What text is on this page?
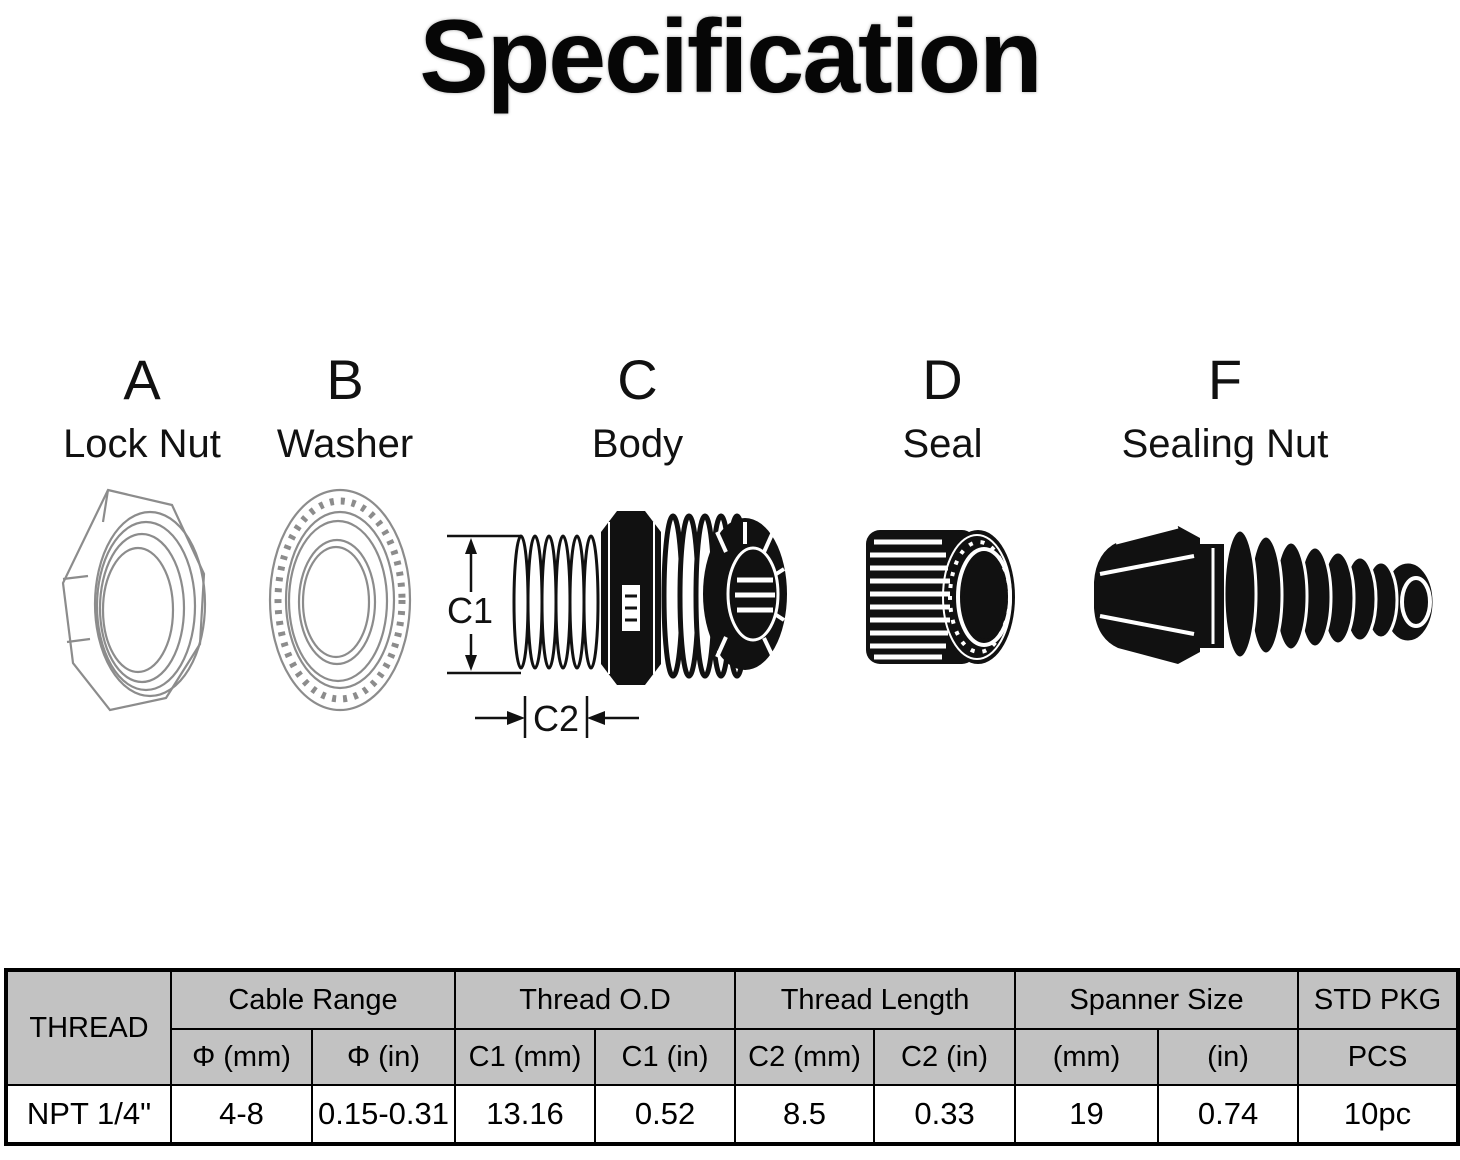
Specification
A
Lock Nut
B
Washer
C
Body
D
Seal
F
Sealing Nut
C1
C2
THREAD	Cable Range		Thread O.D		Thread Length		Spanner Size		STD PKG
	Φ (mm)	Φ (in)	C1 (mm)	C1 (in)	C2 (mm)	C2 (in)	(mm)	(in)	PCS
NPT 1/4"	4-8	0.15-0.31	13.16	0.52	8.5	0.33	19	0.74	10pc
